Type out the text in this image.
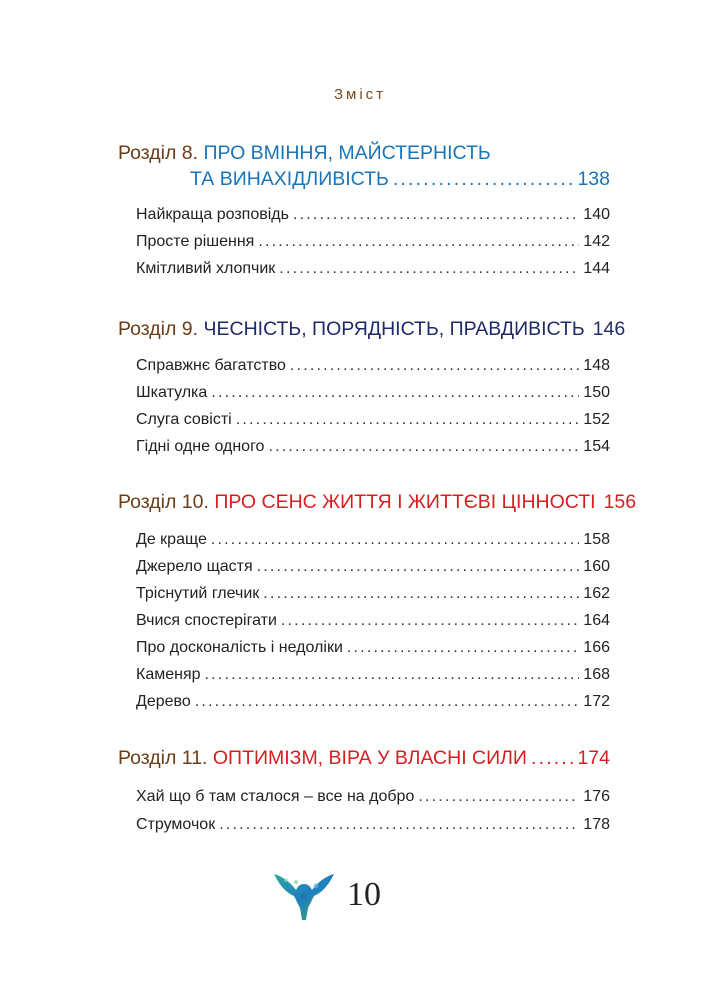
Зміст
Розділ 8.
ПРО ВМІННЯ, МАЙСТЕРНІСТЬ
ТА ВИНАХІДЛИВІСТЬ .....	138
Найкраща розповідь .....	140
Просте рішення .....	142
Кмітливий хлопчик .....	144
Розділ 9.
ЧЕСНІСТЬ, ПОРЯДНІСТЬ, ПРАВДИВІСТЬ 146
Справжнє багатство .....	148
Шкатулка .....	150
Слуга совісті .....	152
Гідні одне одного .....	154
Розділ 10.
ПРО СЕНС ЖИТТЯ І ЖИТТЄВІ ЦІННОСТІ 156
Де краще .....	158
Джерело щастя .....	160
Тріснутий глечик .....	162
Вчися спостерігати .....	164
Про досконалість і недоліки .....	166
Каменяр .....	168
Дерево .....	172
Розділ 11.
ОПТИМІЗМ, ВІРА У ВЛАСНІ СИЛИ .....	174
Хай що б там сталося – все на добро .....	176
Струмочок .....	178
10
